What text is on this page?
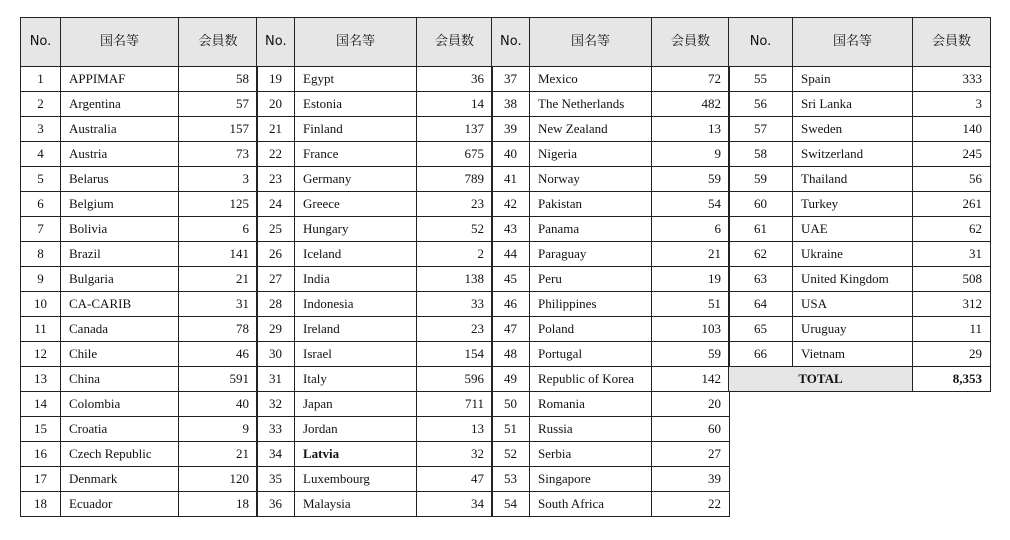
No.	国名等	会員数
1	APPIMAF	58
2	Argentina	57
3	Australia	157
4	Austria	73
5	Belarus	3
6	Belgium	125
7	Bolivia	6
8	Brazil	141
9	Bulgaria	21
10	CA-CARIB	31
11	Canada	78
12	Chile	46
13	China	591
14	Colombia	40
15	Croatia	9
16	Czech Republic	21
17	Denmark	120
18	Ecuador	18
No.	国名等	会員数
19	Egypt	36
20	Estonia	14
21	Finland	137
22	France	675
23	Germany	789
24	Greece	23
25	Hungary	52
26	Iceland	2
27	India	138
28	Indonesia	33
29	Ireland	23
30	Israel	154
31	Italy	596
32	Japan	711
33	Jordan	13
34	Latvia	32
35	Luxembourg	47
36	Malaysia	34
No.	国名等	会員数
37	Mexico	72
38	The Netherlands	482
39	New Zealand	13
40	Nigeria	9
41	Norway	59
42	Pakistan	54
43	Panama	6
44	Paraguay	21
45	Peru	19
46	Philippines	51
47	Poland	103
48	Portugal	59
49	Republic of Korea	142
50	Romania	20
51	Russia	60
52	Serbia	27
53	Singapore	39
54	South Africa	22
No.	国名等	会員数
55	Spain	333
56	Sri Lanka	3
57	Sweden	140
58	Switzerland	245
59	Thailand	56
60	Turkey	261
61	UAE	62
62	Ukraine	31
63	United Kingdom	508
64	USA	312
65	Uruguay	11
66	Vietnam	29
TOTAL		8,353
